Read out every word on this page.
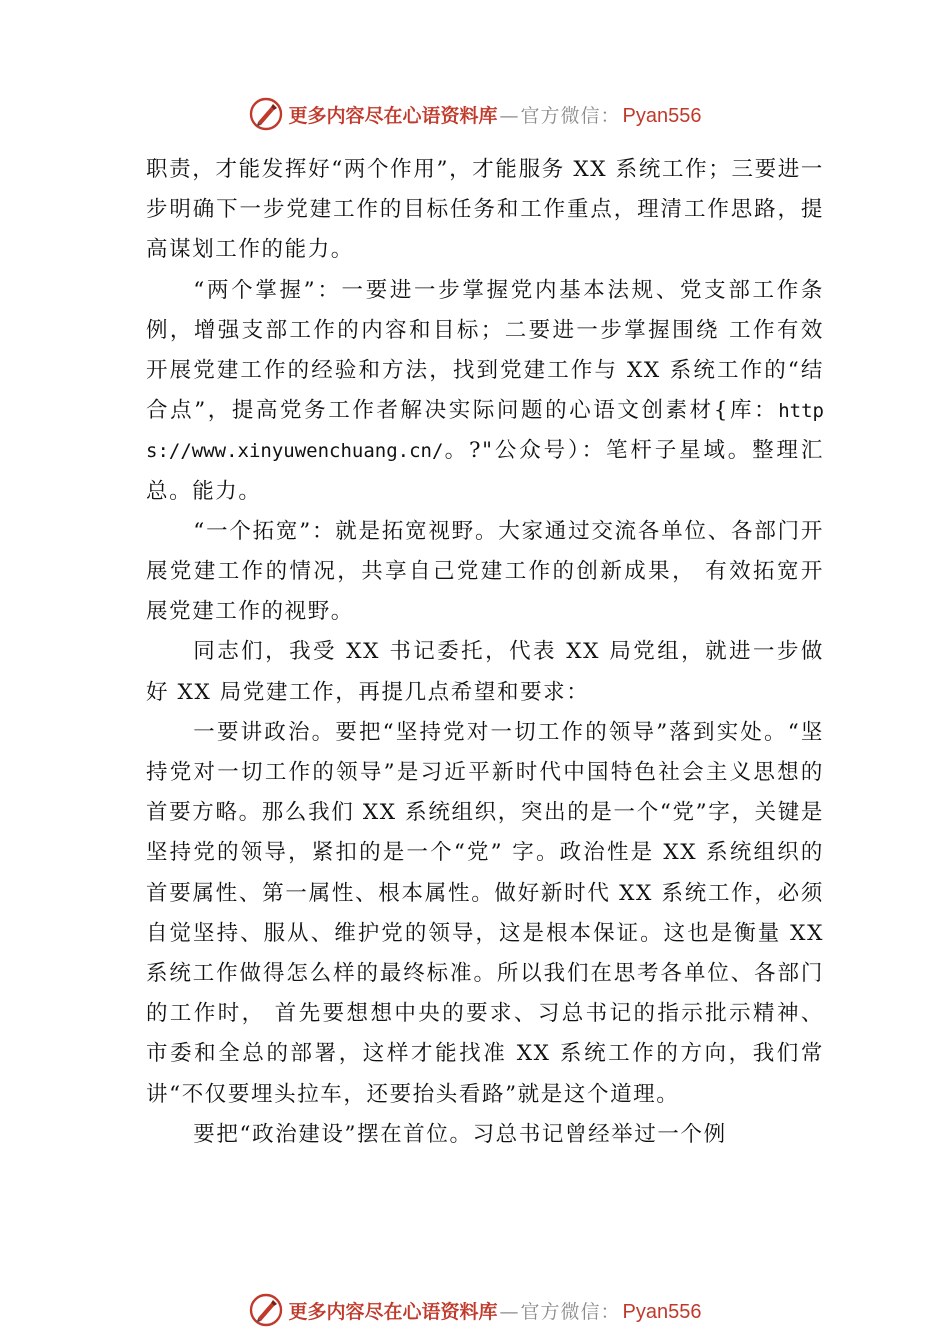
更多内容尽在心语资料库 — 官方微信： Pyan556

职责，才能发挥好“两个作用”，才能服务 XX 系统工作；三要进一步明确下一步党建工作的目标任务和工作重点，理清工作思路，提高谋划工作的能力。

“两个掌握”：一要进一步掌握党内基本法规、党支部工作条例，增强支部工作的内容和目标；二要进一步掌握围绕 工作有效开展党建工作的经验和方法，找到党建工作与 XX 系统工作的“结合点”，提高党务工作者解决实际问题的心语文创素材{库：https://www.xinyuwenchuang.cn/。?"公众号）：笔杆子星域。整理汇总。能力。

“一个拓宽”：就是拓宽视野。大家通过交流各单位、各部门开展党建工作的情况，共享自己党建工作的创新成果， 有效拓宽开展党建工作的视野。

同志们，我受 XX 书记委托，代表 XX 局党组，就进一步做好 XX 局党建工作，再提几点希望和要求：

一要讲政治。要把“坚持党对一切工作的领导”落到实处。“坚持党对一切工作的领导”是习近平新时代中国特色社会主义思想的首要方略。那么我们 XX 系统组织，突出的是一个“党”字，关键是坚持党的领导，紧扣的是一个“党” 字。政治性是 XX 系统组织的首要属性、第一属性、根本属性。做好新时代 XX 系统工作，必须自觉坚持、服从、维护党的领导，这是根本保证。这也是衡量 XX 系统工作做得怎么样的最终标准。所以我们在思考各单位、各部门的工作时， 首先要想想中央的要求、习总书记的指示批示精神、市委和全总的部署，这样才能找准 XX 系统工作的方向，我们常讲“不仅要埋头拉车，还要抬头看路”就是这个道理。

要把“政治建设”摆在首位。习总书记曾经举过一个例

更多内容尽在心语资料库 — 官方微信： Pyan556
